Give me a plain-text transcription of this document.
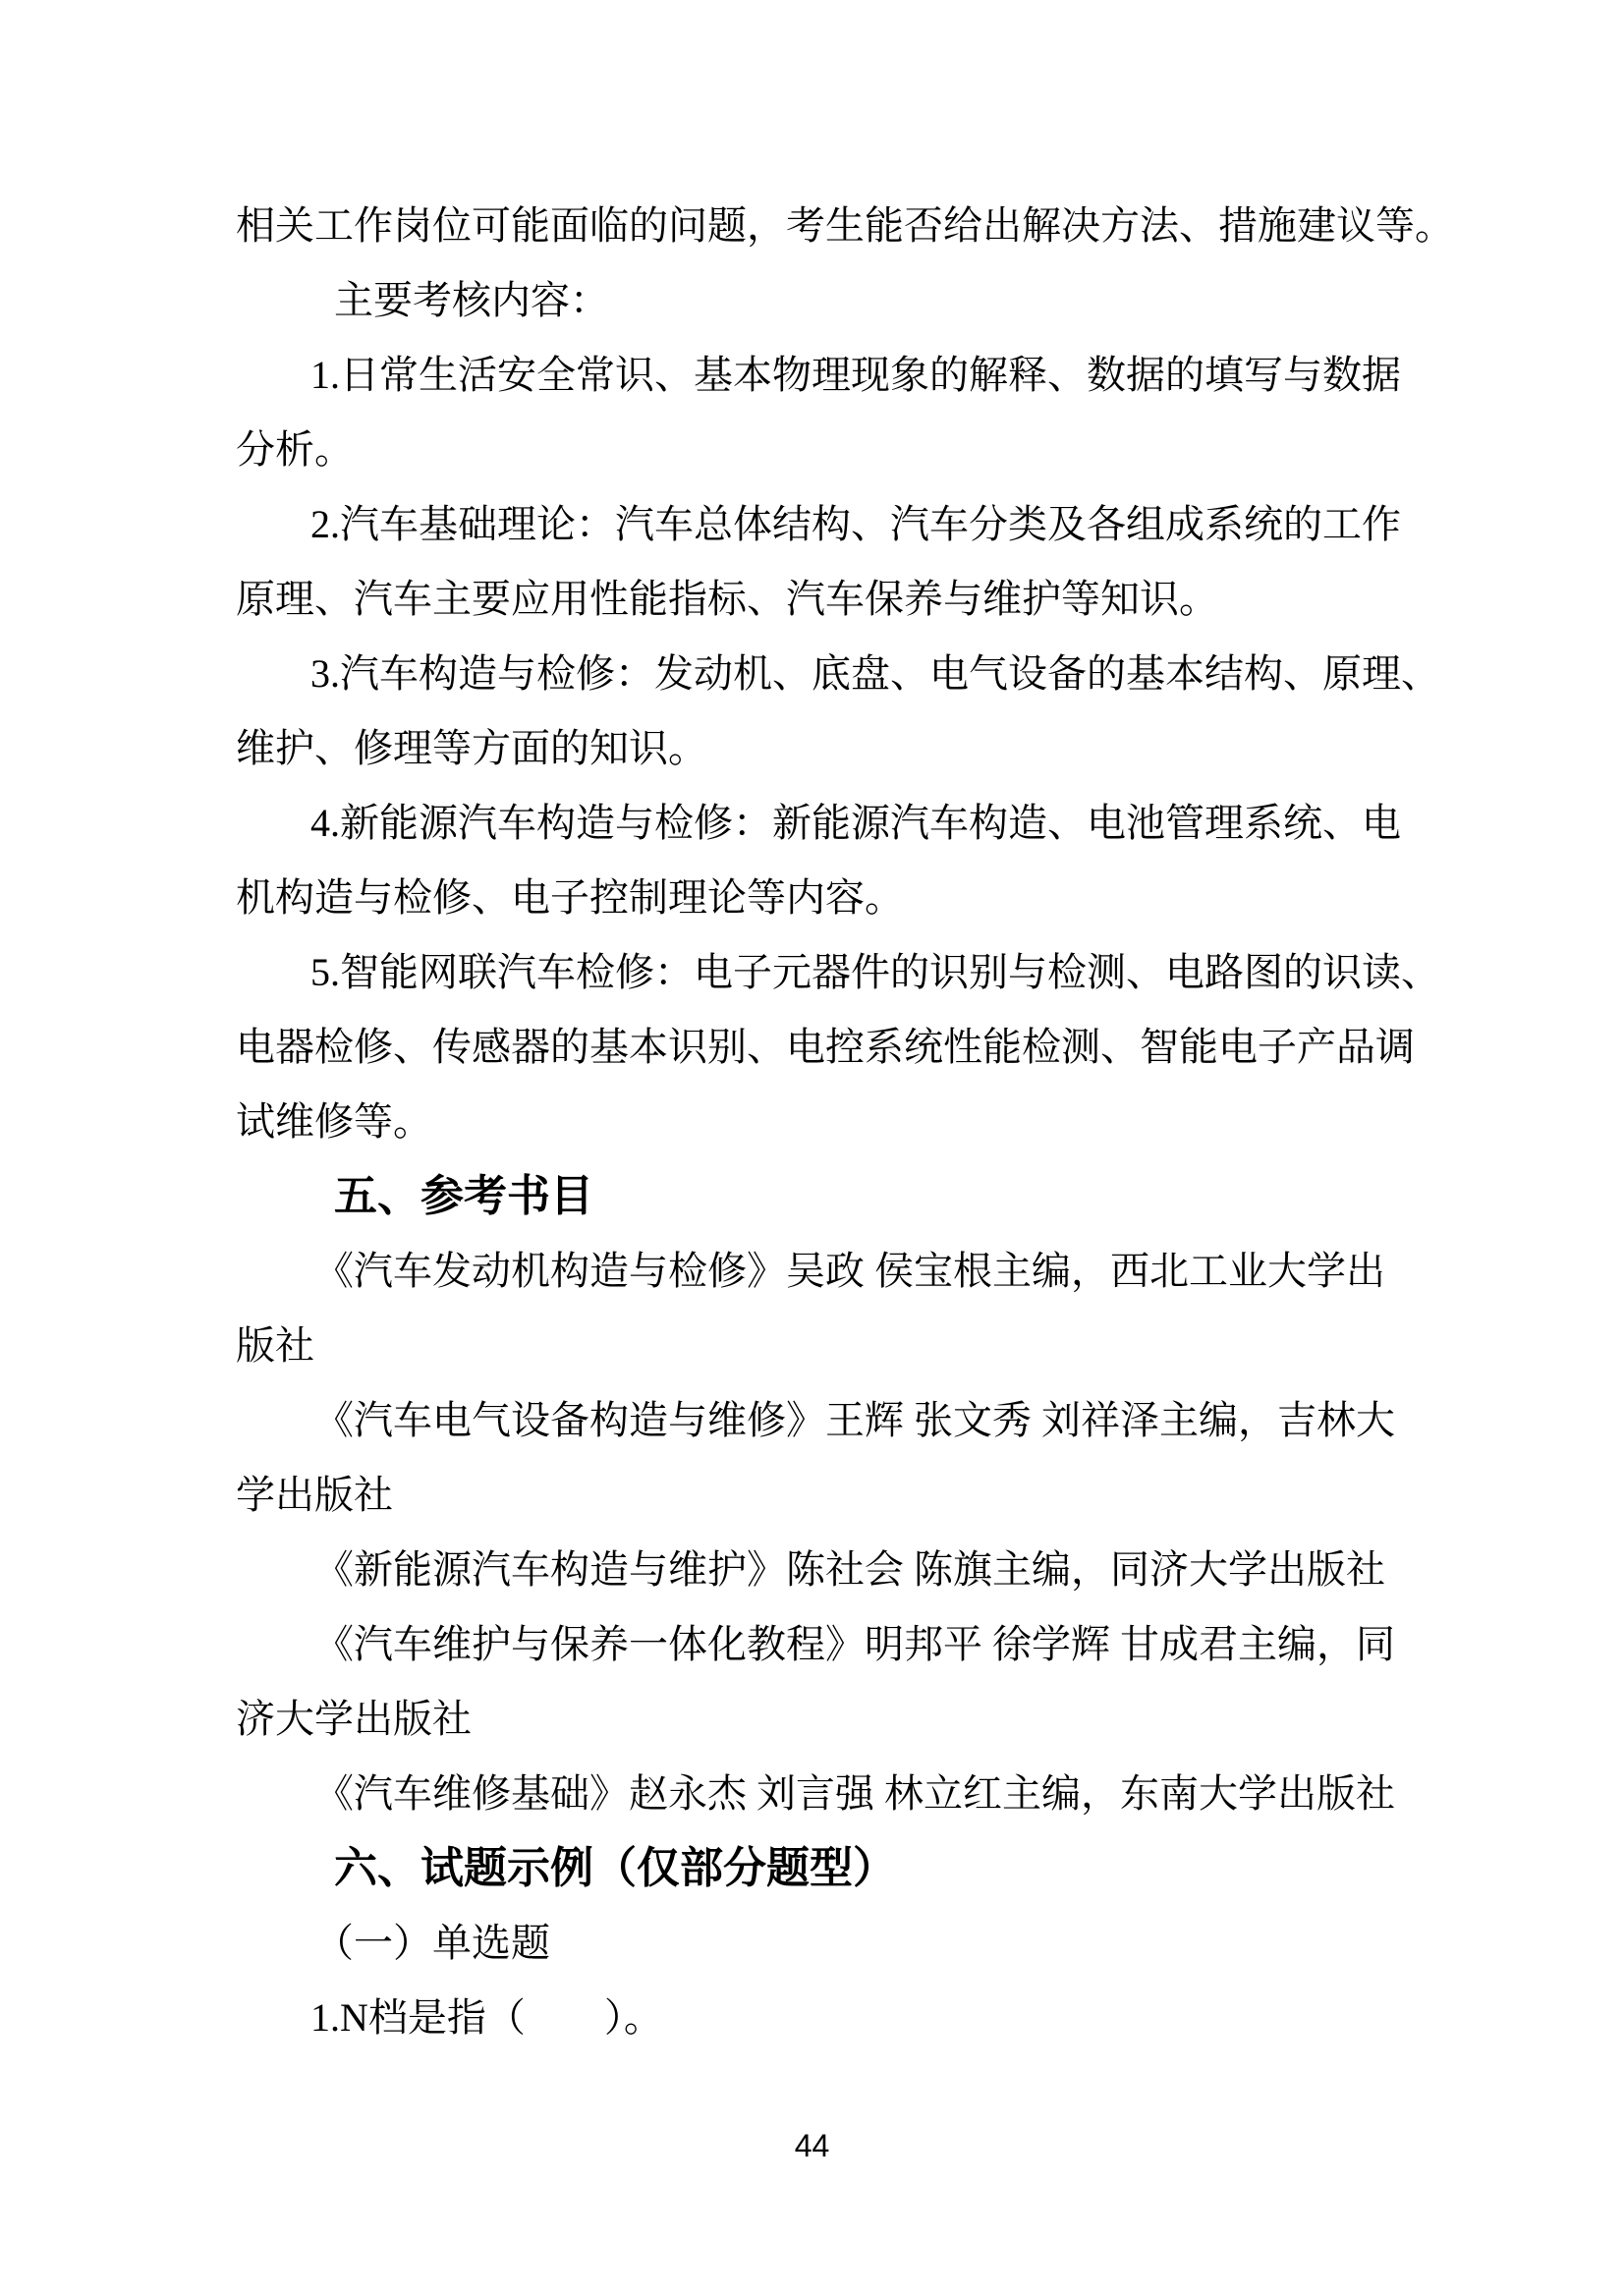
相关工作岗位可能面临的问题，考生能否给出解决方法、措施建议等。
主要考核内容：
1.日常生活安全常识、基本物理现象的解释、数据的填写与数据
分析。
2.汽车基础理论：汽车总体结构、汽车分类及各组成系统的工作
原理、汽车主要应用性能指标、汽车保养与维护等知识。
3.汽车构造与检修：发动机、底盘、电气设备的基本结构、原理、
维护、修理等方面的知识。
4.新能源汽车构造与检修：新能源汽车构造、电池管理系统、电
机构造与检修、电子控制理论等内容。
5.智能网联汽车检修：电子元器件的识别与检测、电路图的识读、
电器检修、传感器的基本识别、电控系统性能检测、智能电子产品调
试维修等。
五、参考书目
《汽车发动机构造与检修》吴政 侯宝根主编，西北工业大学出
版社
《汽车电气设备构造与维修》王辉 张文秀 刘祥泽主编，吉林大
学出版社
《新能源汽车构造与维护》陈社会 陈旗主编，同济大学出版社
《汽车维护与保养一体化教程》明邦平 徐学辉 甘成君主编，同
济大学出版社
《汽车维修基础》赵永杰 刘言强 林立红主编，东南大学出版社
六、试题示例（仅部分题型）
（一）单选题
1.N档是指（　　）。
44
